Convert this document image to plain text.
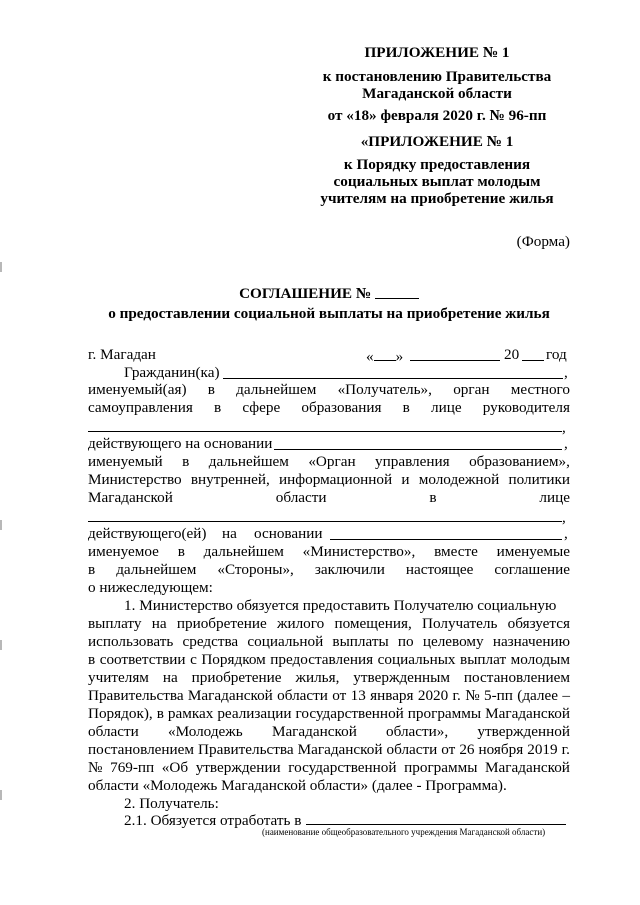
ПРИЛОЖЕНИЕ № 1

к постановлению Правительства

Магаданской области

от «18» февраля 2020 г. № 96-пп

«ПРИЛОЖЕНИЕ № 1

к Порядку предоставления

социальных выплат молодым

учителям на приобретение жилья

(Форма)

СОГЛАШЕНИЕ №

о предоставлении социальной выплаты на приобретение жилья

г. Магадан	« »	20 год
Гражданин(ка)	,
именуемый(ая) в дальнейшем «Получатель», орган местного
самоуправления в сфере образования в лице руководителя
,
действующего на основании	,
именуемый в дальнейшем «Орган управления образованием»,
Министерство внутренней, информационной и молодежной политики
Магаданской	области	в	лице
,
действующего(ей) на основании	,
именуемое в дальнейшем «Министерство», вместе именуемые
в дальнейшем «Стороны», заключили настоящее соглашение

о нижеследующем:

1. Министерство обязуется предоставить Получателю социальную

выплату на приобретение жилого помещения, Получатель обязуется
использовать средства социальной выплаты по целевому назначению
в соответствии с Порядком предоставления социальных выплат молодым
учителям на приобретение жилья, утвержденным постановлением
Правительства Магаданской области от 13 января 2020 г. № 5-пп (далее –
Порядок), в рамках реализации государственной программы Магаданской
области «Молодежь Магаданской области», утвержденной
постановлением Правительства Магаданской области от 26 ноября 2019 г.
№ 769-пп «Об утверждении государственной программы Магаданской

области «Молодежь Магаданской области» (далее - Программа).

2. Получатель:

2.1. Обязуется отработать в

(наименование общеобразовательного учреждения Магаданской области)
